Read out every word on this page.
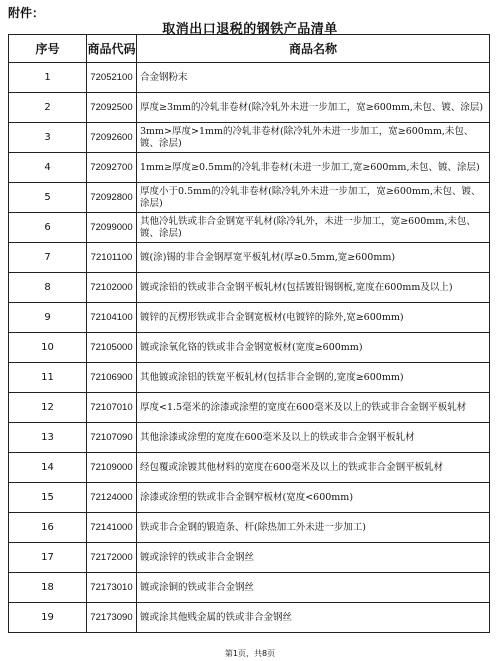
附件：
取消出口退税的钢铁产品清单
序号	商品代码	商品名称
1	72052100	合金钢粉末
2	72092500	厚度≥3mm的冷轧非卷材(除冷轧外未进一步加工，宽≥600mm,未包、镀、涂层)
3	72092600	3mm>厚度>1mm的冷轧非卷材(除冷轧外未进一步加工，宽≥600mm,未包、镀、涂层)
4	72092700	1mm≥厚度≥0.5mm的冷轧非卷材(未进一步加工,宽≥600mm,未包、镀、涂层)
5	72092800	厚度小于0.5mm的冷轧非卷材(除冷轧外未进一步加工，宽≥600mm,未包、镀、涂层)
6	72099000	其他冷轧铁或非合金钢宽平轧材(除冷轧外，未进一步加工，宽≥600mm,未包、镀、涂层)
7	72101100	镀(涂)锡的非合金钢厚宽平板轧材(厚≥0.5mm,宽≥600mm)
8	72102000	镀或涂铅的铁或非合金钢平板轧材(包括镀铅锡钢板,宽度在600mm及以上)
9	72104100	镀锌的瓦楞形铁或非合金钢宽板材(电镀锌的除外,宽≥600mm)
10	72105000	镀或涂氧化铬的铁或非合金钢宽板材(宽度≥600mm)
11	72106900	其他镀或涂铝的铁宽平板轧材(包括非合金钢的,宽度≥600mm)
12	72107010	厚度<1.5毫米的涂漆或涂塑的宽度在600毫米及以上的铁或非合金钢平板轧材
13	72107090	其他涂漆或涂塑的宽度在600毫米及以上的铁或非合金钢平板轧材
14	72109000	经包覆或涂镀其他材料的宽度在600毫米及以上的铁或非合金钢平板轧材
15	72124000	涂漆或涂塑的铁或非合金钢窄板材(宽度<600mm)
16	72141000	铁或非合金钢的锻造条、杆(除热加工外未进一步加工)
17	72172000	镀或涂锌的铁或非合金钢丝
18	72173010	镀或涂铜的铁或非合金钢丝
19	72173090	镀或涂其他贱金属的铁或非合金钢丝
第1页，共8页
